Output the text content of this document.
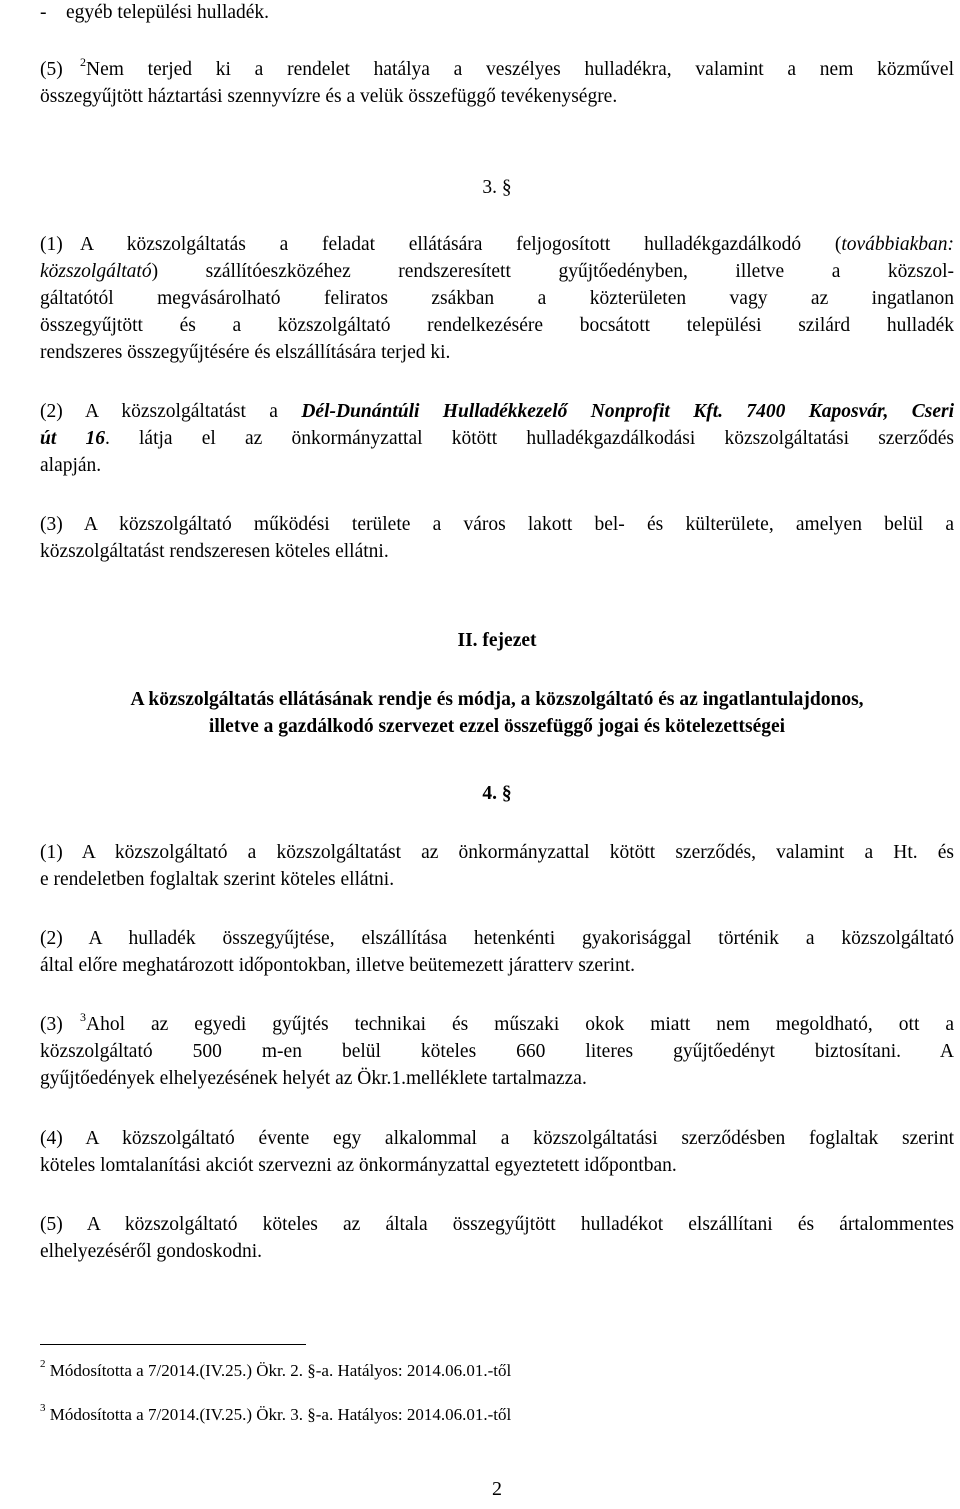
-    egyéb települési hulladék.
(5) $^2$Nem terjed ki a rendelet hatálya a veszélyes hulladékra, valamint a nem közművel
összegyűjtött háztartási szennyvízre és a velük összefüggő tevékenységre.
3. §
(1) A közszolgáltatás a feladat ellátására feljogosított hulladékgazdálkodó (továbbiakban:
közszolgáltató) szállítóeszközéhez rendszeresített gyűjtőedényben, illetve a közszol-
gáltatótól megvásárolható feliratos zsákban a közterületen vagy az ingatlanon
összegyűjtött és a közszolgáltató rendelkezésére bocsátott települési szilárd hulladék
rendszeres összegyűjtésére és elszállítására terjed ki.
(2) A közszolgáltatást a Dél-Dunántúli Hulladékkezelő Nonprofit Kft. 7400 Kaposvár, Cseri
út 16. látja el az önkormányzattal kötött hulladékgazdálkodási közszolgáltatási szerződés
alapján.
(3) A közszolgáltató működési területe a város lakott bel- és külterülete, amelyen belül a
közszolgáltatást rendszeresen köteles ellátni.
II. fejezet
A közszolgáltatás ellátásának rendje és módja, a közszolgáltató és az ingatlantulajdonos,
illetve a gazdálkodó szervezet ezzel összefüggő jogai és kötelezettségei
4. §
(1) A közszolgáltató a közszolgáltatást az önkormányzattal kötött szerződés, valamint a Ht. és
e rendeletben foglaltak szerint köteles ellátni.
(2) A hulladék összegyűjtése, elszállítása hetenkénti gyakorisággal történik a közszolgáltató
által előre meghatározott időpontokban, illetve beütemezett járatterv szerint.
(3) $^3$Ahol az egyedi gyűjtés technikai és műszaki okok miatt nem megoldható, ott a
közszolgáltató 500 m-en belül köteles 660 literes gyűjtőedényt biztosítani. A
gyűjtőedények elhelyezésének helyét az Ökr.1.melléklete tartalmazza.
(4) A közszolgáltató évente egy alkalommal a közszolgáltatási szerződésben foglaltak szerint
köteles lomtalanítási akciót szervezni az önkormányzattal egyeztetett időpontban.
(5) A közszolgáltató köteles az általa összegyűjtött hulladékot elszállítani és ártalommentes
elhelyezéséről gondoskodni.
$^2$ Módosította a 7/2014.(IV.25.) Ökr. 2. §-a. Hatályos: 2014.06.01.-től
$^3$ Módosította a 7/2014.(IV.25.) Ökr. 3. §-a. Hatályos: 2014.06.01.-től
2
